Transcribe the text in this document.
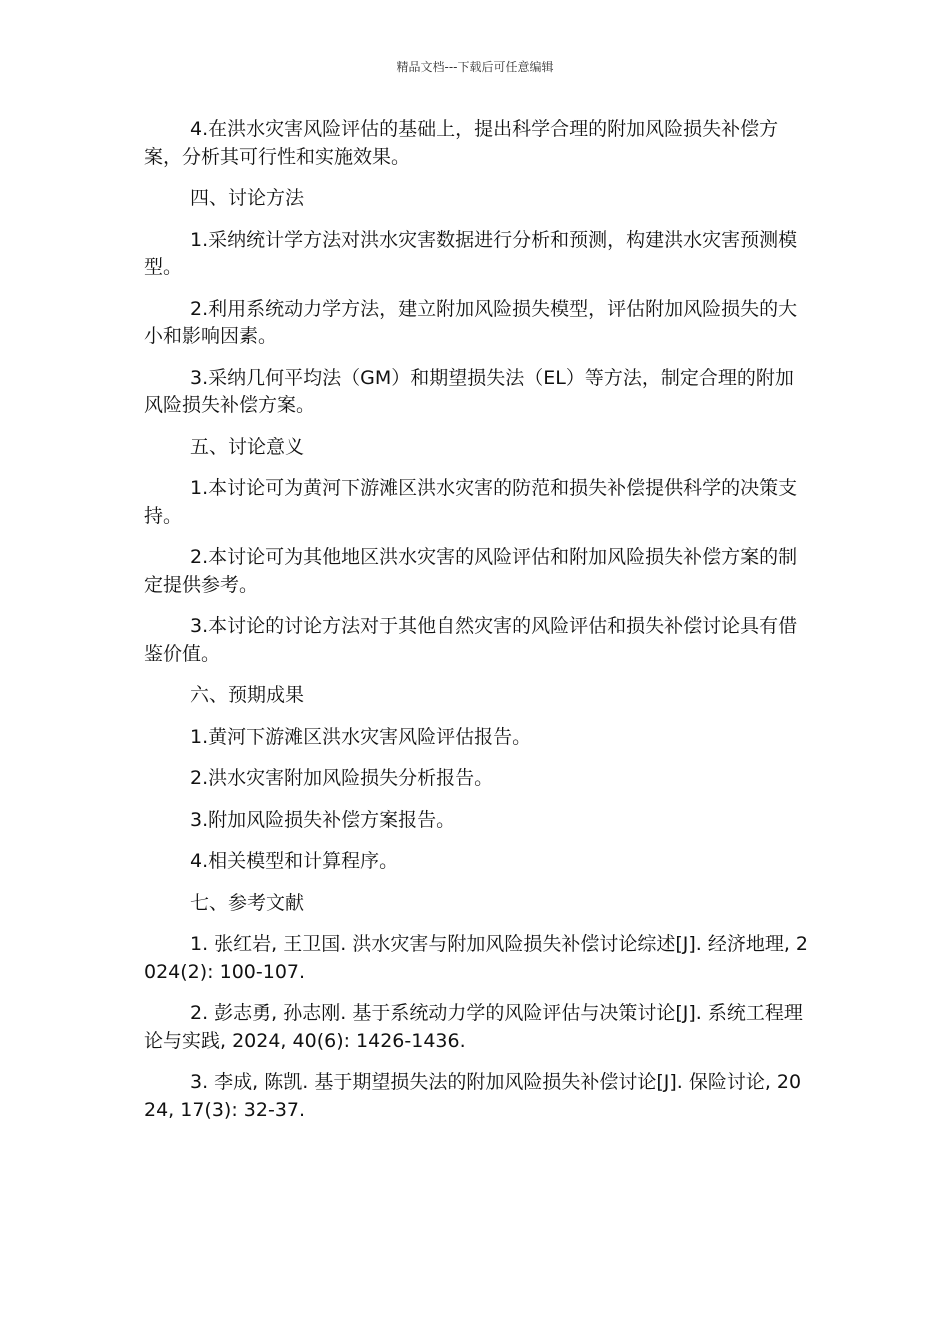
精品文档---下载后可任意编辑

4.在洪水灾害风险评估的基础上，提出科学合理的附加风险损失补偿方案，分析其可行性和实施效果。

四、讨论方法

1.采纳统计学方法对洪水灾害数据进行分析和预测，构建洪水灾害预测模型。

2.利用系统动力学方法，建立附加风险损失模型，评估附加风险损失的大小和影响因素。

3.采纳几何平均法（GM）和期望损失法（EL）等方法，制定合理的附加风险损失补偿方案。

五、讨论意义

1.本讨论可为黄河下游滩区洪水灾害的防范和损失补偿提供科学的决策支持。

2.本讨论可为其他地区洪水灾害的风险评估和附加风险损失补偿方案的制定提供参考。

3.本讨论的讨论方法对于其他自然灾害的风险评估和损失补偿讨论具有借鉴价值。

六、预期成果

1.黄河下游滩区洪水灾害风险评估报告。

2.洪水灾害附加风险损失分析报告。

3.附加风险损失补偿方案报告。

4.相关模型和计算程序。

七、参考文献

1. 张红岩, 王卫国. 洪水灾害与附加风险损失补偿讨论综述[J]. 经济地理, 2024(2): 100-107.

2. 彭志勇, 孙志刚. 基于系统动力学的风险评估与决策讨论[J]. 系统工程理论与实践, 2024, 40(6): 1426-1436.

3. 李成, 陈凯. 基于期望损失法的附加风险损失补偿讨论[J]. 保险讨论, 2024, 17(3): 32-37.
